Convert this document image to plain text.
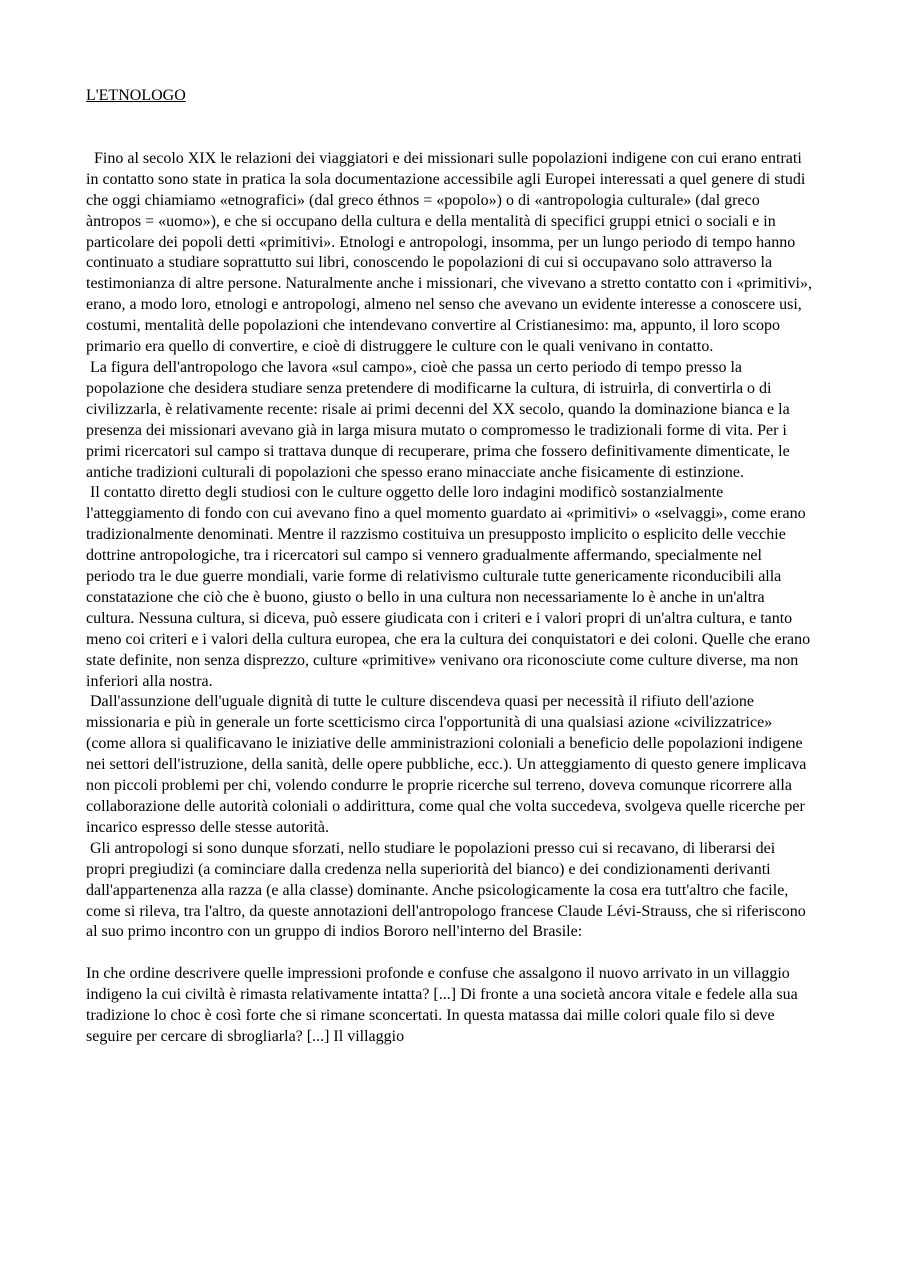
L'ETNOLOGO

Fino al secolo XIX le relazioni dei viaggiatori e dei missionari sulle popolazioni indigene con cui erano entrati in contatto sono state in pratica la sola documentazione accessibile agli Europei interessati a quel genere di studi che oggi chiamiamo «etnografici» (dal greco éthnos = «popolo») o di «antropologia culturale» (dal greco àntropos = «uomo»), e che si occupano della cultura e della mentalità di specifici gruppi etnici o sociali e in particolare dei popoli detti «primitivi». Etnologi e antropologi, insomma, per un lungo periodo di tempo hanno continuato a studiare soprattutto sui libri, conoscendo le popolazioni di cui si occupavano solo attraverso la testimonianza di altre persone. Naturalmente anche i missionari, che vivevano a stretto contatto con i «primitivi», erano, a modo loro, etnologi e antropologi, almeno nel senso che avevano un evidente interesse a conoscere usi, costumi, mentalità delle popolazioni che intendevano convertire al Cristianesimo: ma, appunto, il loro scopo primario era quello di convertire, e cioè di distruggere le culture con le quali venivano in contatto.

La figura dell'antropologo che lavora «sul campo», cioè che passa un certo periodo di tempo presso la popolazione che desidera studiare senza pretendere di modificarne la cultura, di istruirla, di convertirla o di civilizzarla, è relativamente recente: risale ai primi decenni del XX secolo, quando la dominazione bianca e la presenza dei missionari avevano già in larga misura mutato o compromesso le tradizionali forme di vita. Per i primi ricercatori sul campo si trattava dunque di recuperare, prima che fossero definitivamente dimenticate, le antiche tradizioni culturali di popolazioni che spesso erano minacciate anche fisicamente di estinzione.

Il contatto diretto degli studiosi con le culture oggetto delle loro indagini modificò sostanzialmente l'atteggiamento di fondo con cui avevano fino a quel momento guardato ai «primitivi» o «selvaggi», come erano tradizionalmente denominati. Mentre il razzismo costituiva un presupposto implicito o esplicito delle vecchie dottrine antropologiche, tra i ricercatori sul campo si vennero gradualmente affermando, specialmente nel periodo tra le due guerre mondiali, varie forme di relativismo culturale tutte genericamente riconducibili alla constatazione che ciò che è buono, giusto o bello in una cultura non necessariamente lo è anche in un'altra cultura. Nessuna cultura, si diceva, può essere giudicata con i criteri e i valori propri di un'altra cultura, e tanto meno coi criteri e i valori della cultura europea, che era la cultura dei conquistatori e dei coloni. Quelle che erano state definite, non senza disprezzo, culture «primitive» venivano ora riconosciute come culture diverse, ma non inferiori alla nostra.

Dall'assunzione dell'uguale dignità di tutte le culture discendeva quasi per necessità il rifiuto dell'azione missionaria e più in generale un forte scetticismo circa l'opportunità di una qualsiasi azione «civilizzatrice» (come allora si qualificavano le iniziative delle amministrazioni coloniali a beneficio delle popolazioni indigene nei settori dell'istruzione, della sanità, delle opere pubbliche, ecc.). Un atteggiamento di questo genere implicava non piccoli problemi per chi, volendo condurre le proprie ricerche sul terreno, doveva comunque ricorrere alla collaborazione delle autorità coloniali o addirittura, come qual che volta succedeva, svolgeva quelle ricerche per incarico espresso delle stesse autorità.

Gli antropologi si sono dunque sforzati, nello studiare le popolazioni presso cui si recavano, di liberarsi dei propri pregiudizi (a cominciare dalla credenza nella superiorità del bianco) e dei condizionamenti derivanti dall'appartenenza alla razza (e alla classe) dominante. Anche psicologicamente la cosa era tutt'altro che facile, come si rileva, tra l'altro, da queste annotazioni dell'antropologo francese Claude Lévi-Strauss, che si riferiscono al suo primo incontro con un gruppo di indios Bororo nell'interno del Brasile:

In che ordine descrivere quelle impressioni profonde e confuse che assalgono il nuovo arrivato in un villaggio indigeno la cui civiltà è rimasta relativamente intatta? [...] Di fronte a una società ancora vitale e fedele alla sua tradizione lo choc è così forte che si rimane sconcertati. In questa matassa dai mille colori quale filo si deve seguire per cercare di sbrogliarla? [...] Il villaggio
